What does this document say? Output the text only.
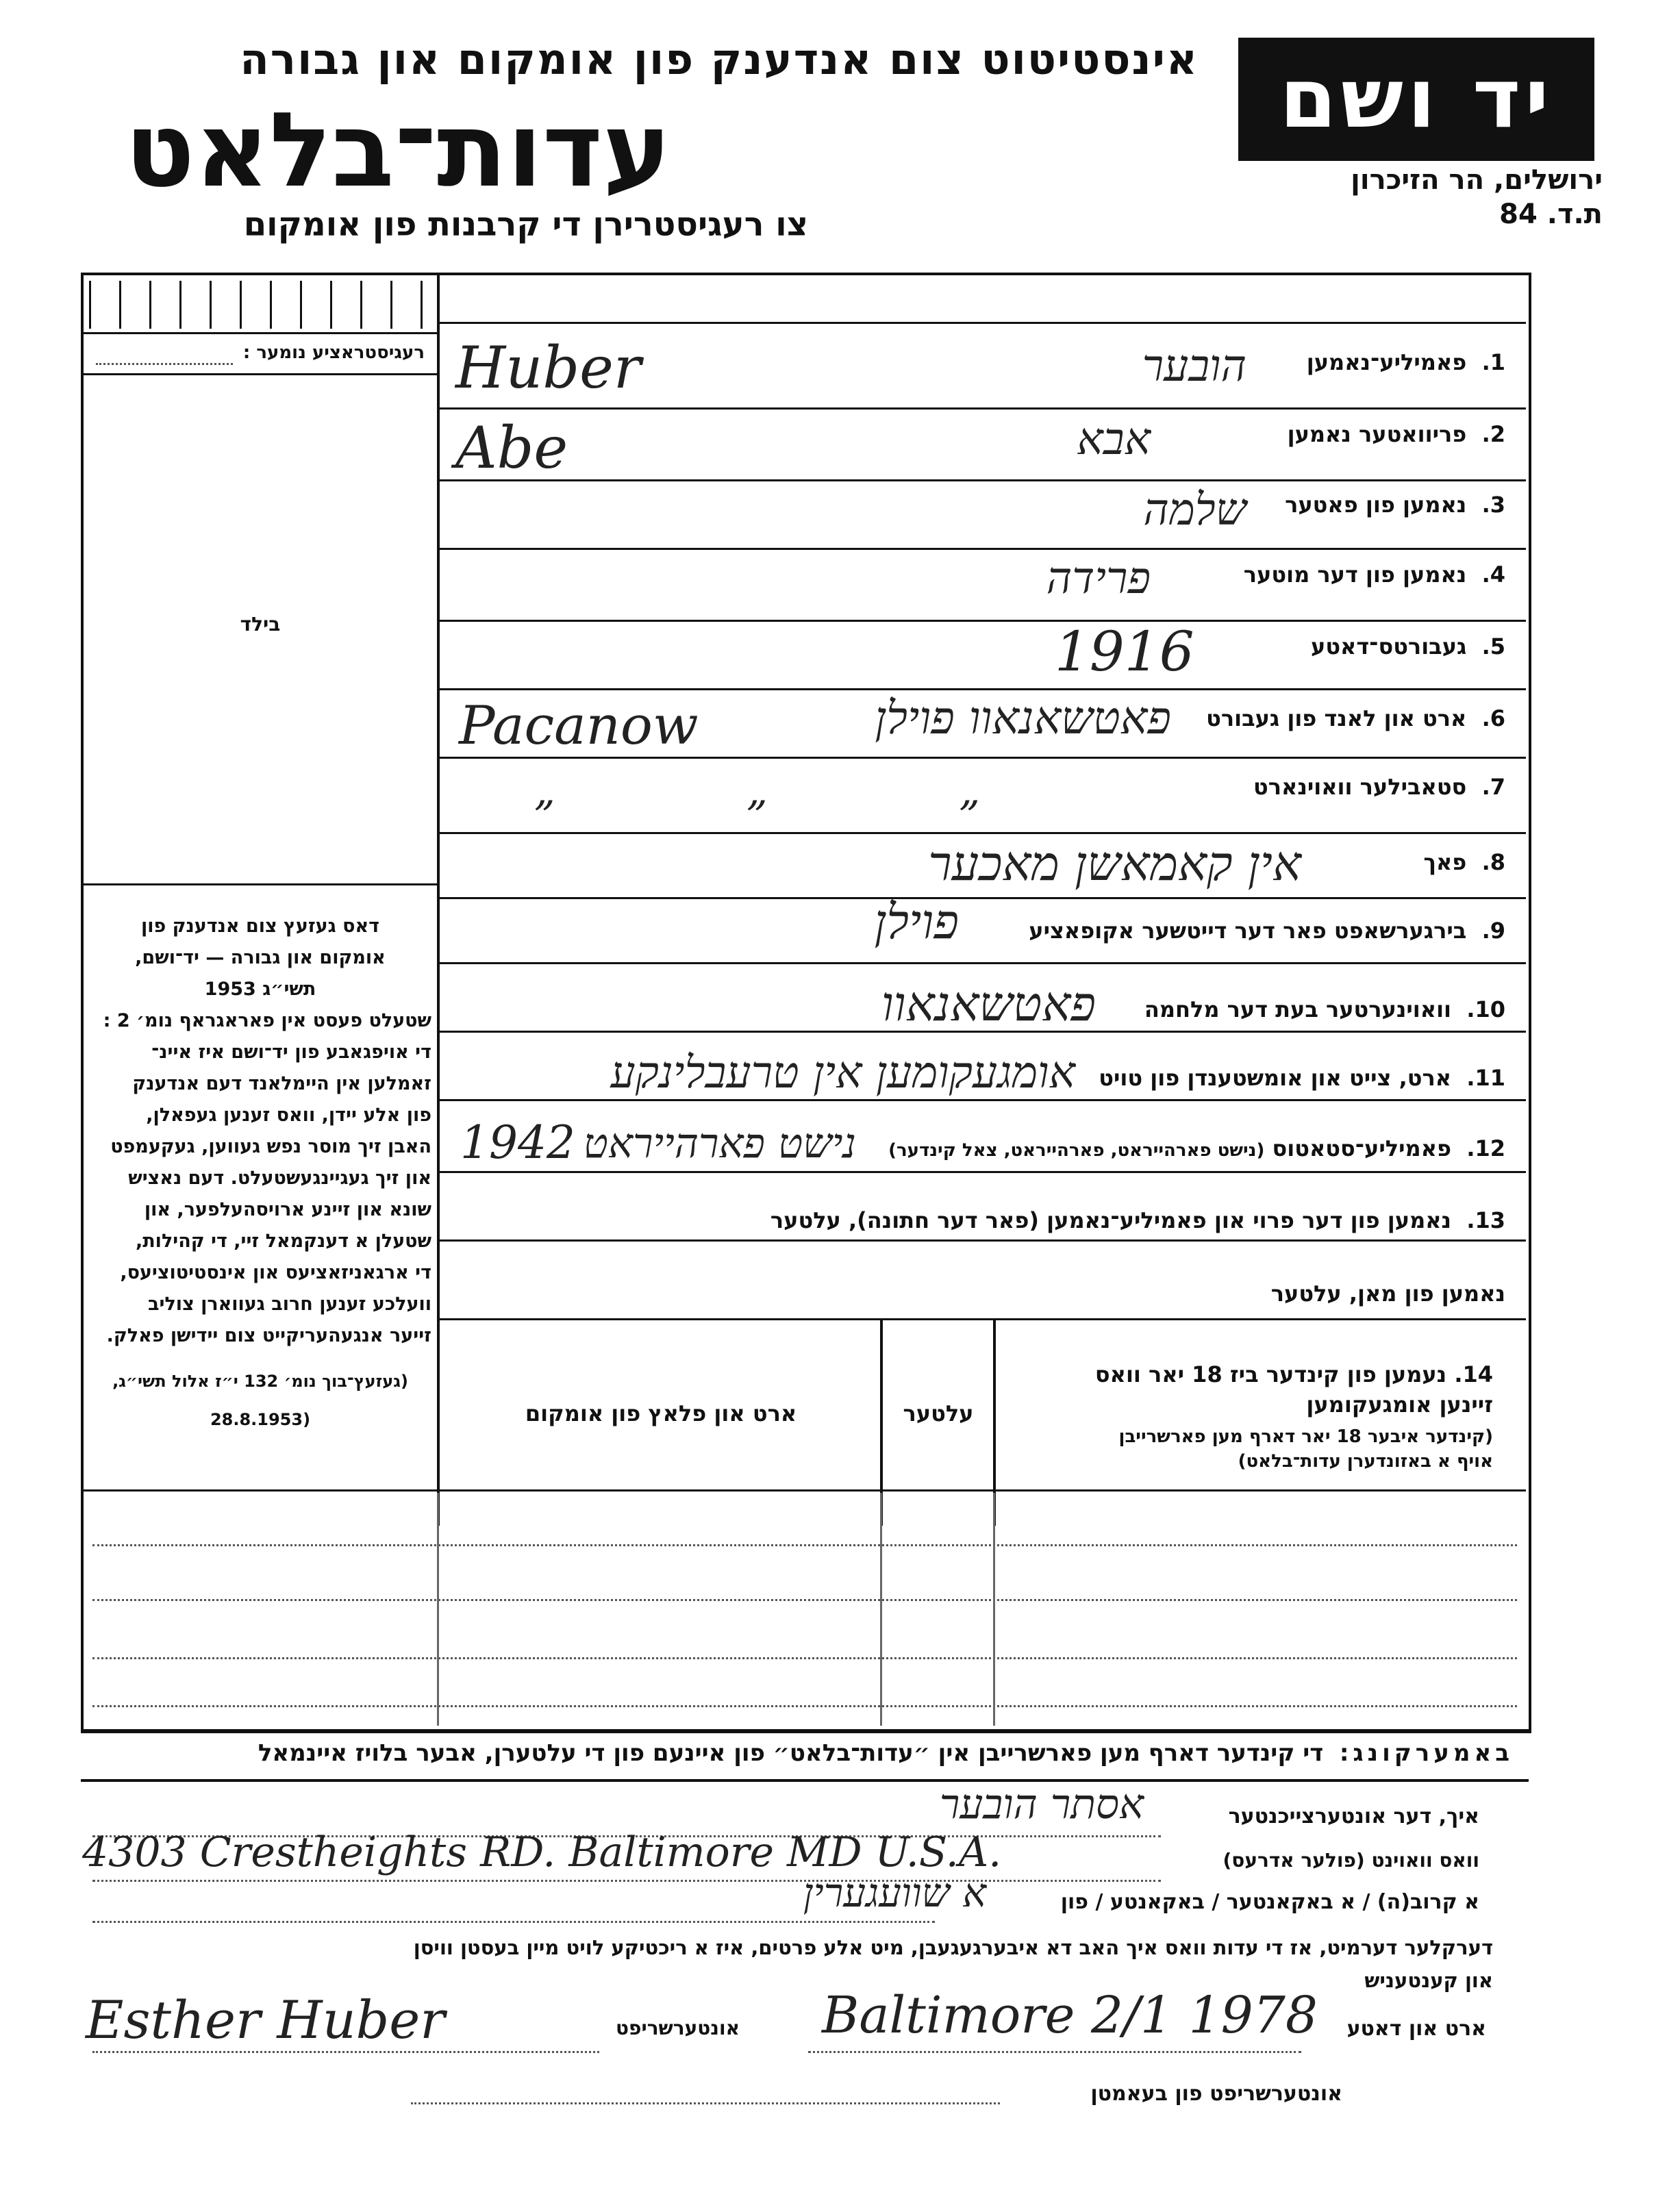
אינסטיטוט צום אנדענק פון אומקום און גבורה
עדות־בלאט
צו רעגיסטרירן די קרבנות פון אומקום
יד ושם
ירושלים, הר הזיכרון
ת.ד. 84
רעגיסטראציע נומער :
בילד
דאס געזעץ צום אנדענק פון
אומקום און גבורה — יד־ושם,
תשי״ג 1953
שטעלט פעסט אין פאראגראף נומ׳ 2 :
די אויפגאבע פון יד־ושם איז איינ־
זאמלען אין היימלאנד דעם אנדענק
פון אלע יידן, וואס זענען געפאלן,
האבן זיך מוסר נפש געווען, געקעמפט
און זיך געגיינגעשטעלט. דעם נאציש
שונא און זיינע ארויסהעלפער, און
שטעלן א דענקמאל זיי, די קהילות,
די ארגאניזאציעס און אינסטיטוציעס,
וועלכע זענען חרוב געווארן צוליב
זייער אנגעהעריקייט צום יידישן פאלק.
(געזעץ־בוך נומ׳ 132 י״ז אלול תשי״ג,
(28.8.1953
1.  פאמיליע־נאמען
Huber	הובער
2.  פריוואטער נאמען
Abe	אבא
3.  נאמען פון פאטער
שלמה
4.  נאמען פון דער מוטער
פרידה
5.  געבורטס־דאטע
1916
6.  ארט און לאנד פון געבורט
Pacanow	פאטשאנאוו פוילן
7.  סטאבילער וואוינארט
„ „ „
8.  פאך
אין קאמאשן מאכער
9.  בירגערשאפט פאר דער דייטשער אקופאציע
פוילן
10.  וואוינערטער בעת דער מלחמה
פאטשאנאוו
11.  ארט, צייט און אומשטענדן פון טויט
אומגעקומען אין טרעבלינקע
12.  פאמיליע־סטאטוס (נישט פארהייראט, פארהייראט, צאל קינדער)
1942 נישט פארהייראט
13.  נאמען פון דער פרוי און פאמיליע־נאמען (פאר דער חתונה), עלטער
נאמען פון מאן, עלטער
14. נעמען פון קינדער ביז 18 יאר וואס
זיינען אומגעקומען
(קינדער איבער 18 יאר דארף מען פארשרייבן
אויף א באזונדערן עדות־בלאט)
עלטער
ארט און פלאץ פון אומקום
באמערקונג:  די קינדער דארף מען פארשרייבן אין ״עדות־בלאט״ פון איינעם פון די עלטערן, אבער בלויז איינמאל
איך, דער אונטערצייכנטער
אסתר הובער
וואס וואוינט (פולער אדרעס)
4303 Crestheights RD. Baltimore MD U.S.A.
א קרוב(ה) / א באקאנטער / באקאנטע / פון
א שוועגערין
דערקלער דערמיט, אז די עדות וואס איך האב דא איבערגעגעבן, מיט אלע פרטים, איז א ריכטיקע לויט מיין בעסטן וויסן
און קענטעניש
Esther Huber	אונטערשריפט Baltimore 2/1 1978	ארט און דאטע
אונטערשריפט פון בעאמטן
